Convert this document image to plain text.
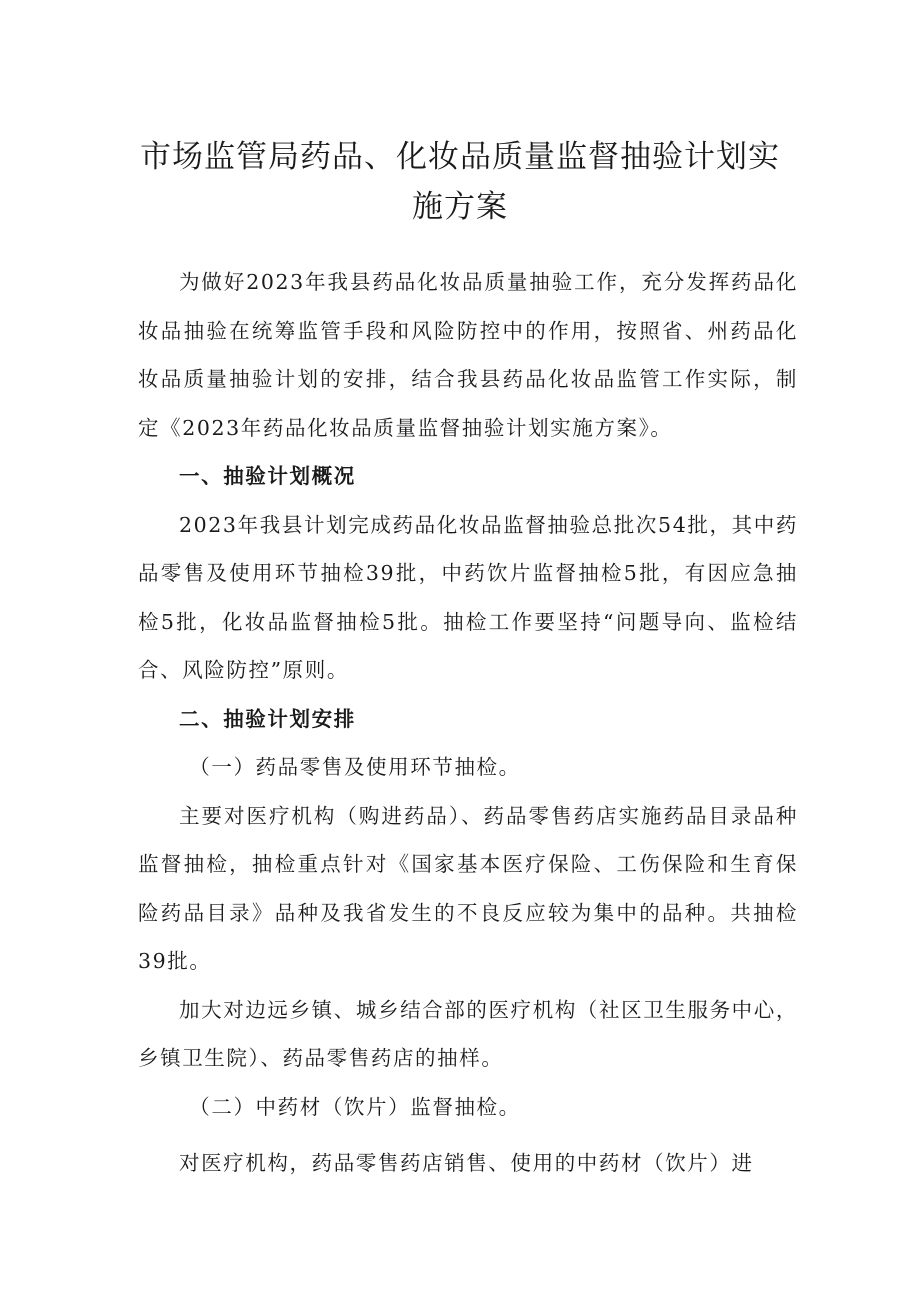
市场监管局药品、化妆品质量监督抽验计划实
施方案

为做好2023年我县药品化妆品质量抽验工作，充分发挥药品化妆品抽验在统筹监管手段和风险防控中的作用，按照省、州药品化妆品质量抽验计划的安排，结合我县药品化妆品监管工作实际，制定《2023年药品化妆品质量监督抽验计划实施方案》。

一、抽验计划概况

2023年我县计划完成药品化妆品监督抽验总批次54批，其中药品零售及使用环节抽检39批，中药饮片监督抽检5批，有因应急抽检5批，化妆品监督抽检5批。抽检工作要坚持“问题导向、监检结合、风险防控”原则。

二、抽验计划安排

（一）药品零售及使用环节抽检。

主要对医疗机构（购进药品）、药品零售药店实施药品目录品种监督抽检，抽检重点针对《国家基本医疗保险、工伤保险和生育保险药品目录》品种及我省发生的不良反应较为集中的品种。共抽检39批。

加大对边远乡镇、城乡结合部的医疗机构（社区卫生服务中心，乡镇卫生院）、药品零售药店的抽样。

（二）中药材（饮片）监督抽检。

对医疗机构，药品零售药店销售、使用的中药材（饮片）进
